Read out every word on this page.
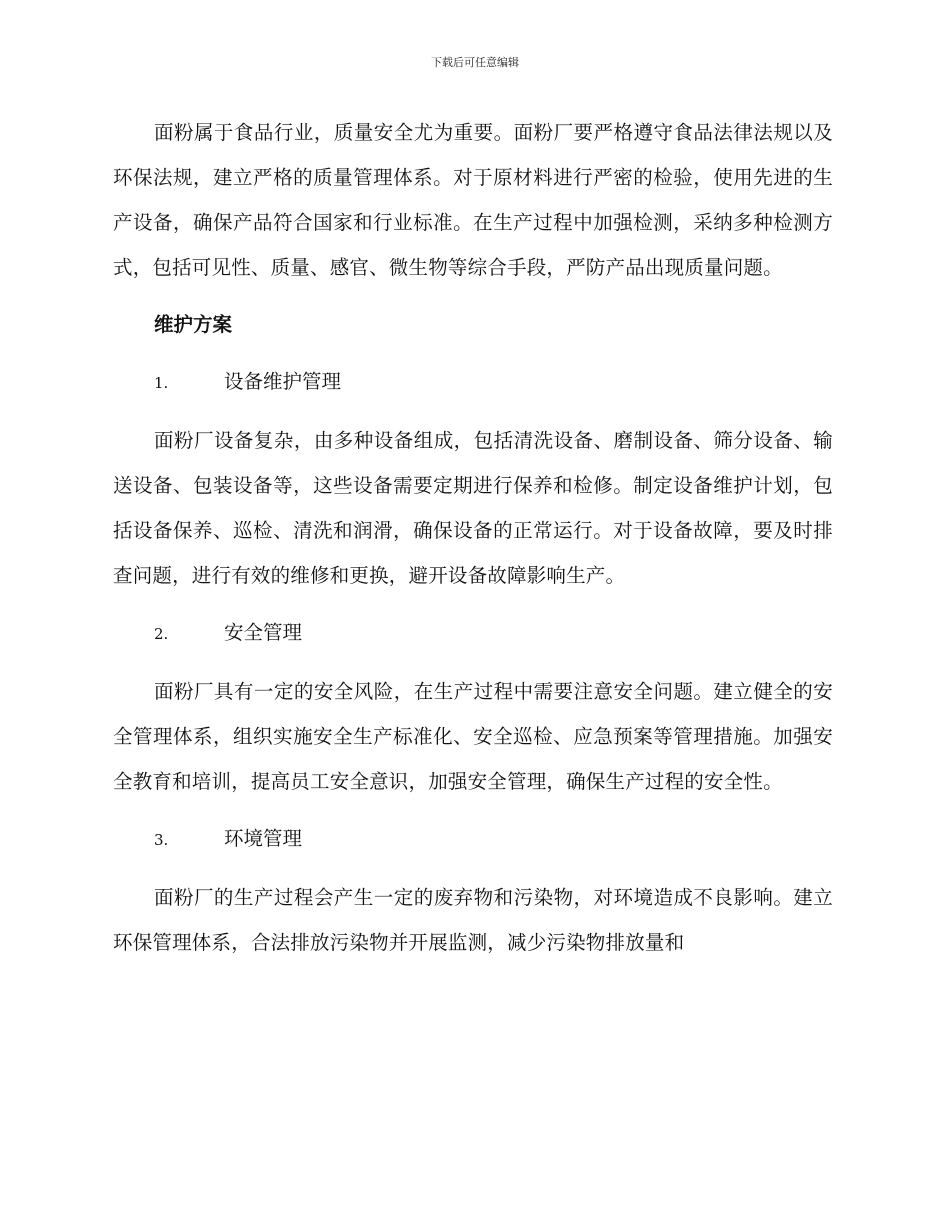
下载后可任意编辑

面粉属于食品行业，质量安全尤为重要。面粉厂要严格遵守食品法律法规以及环保法规，建立严格的质量管理体系。对于原材料进行严密的检验，使用先进的生产设备，确保产品符合国家和行业标准。在生产过程中加强检测，采纳多种检测方式，包括可见性、质量、感官、微生物等综合手段，严防产品出现质量问题。

维护方案

1.	设备维护管理

面粉厂设备复杂，由多种设备组成，包括清洗设备、磨制设备、筛分设备、输送设备、包装设备等，这些设备需要定期进行保养和检修。制定设备维护计划，包括设备保养、巡检、清洗和润滑，确保设备的正常运行。对于设备故障，要及时排查问题，进行有效的维修和更换，避开设备故障影响生产。

2.	安全管理

面粉厂具有一定的安全风险，在生产过程中需要注意安全问题。建立健全的安全管理体系，组织实施安全生产标准化、安全巡检、应急预案等管理措施。加强安全教育和培训，提高员工安全意识，加强安全管理，确保生产过程的安全性。

3.	环境管理

面粉厂的生产过程会产生一定的废弃物和污染物，对环境造成不良影响。建立环保管理体系，合法排放污染物并开展监测，减少污染物排放量和
